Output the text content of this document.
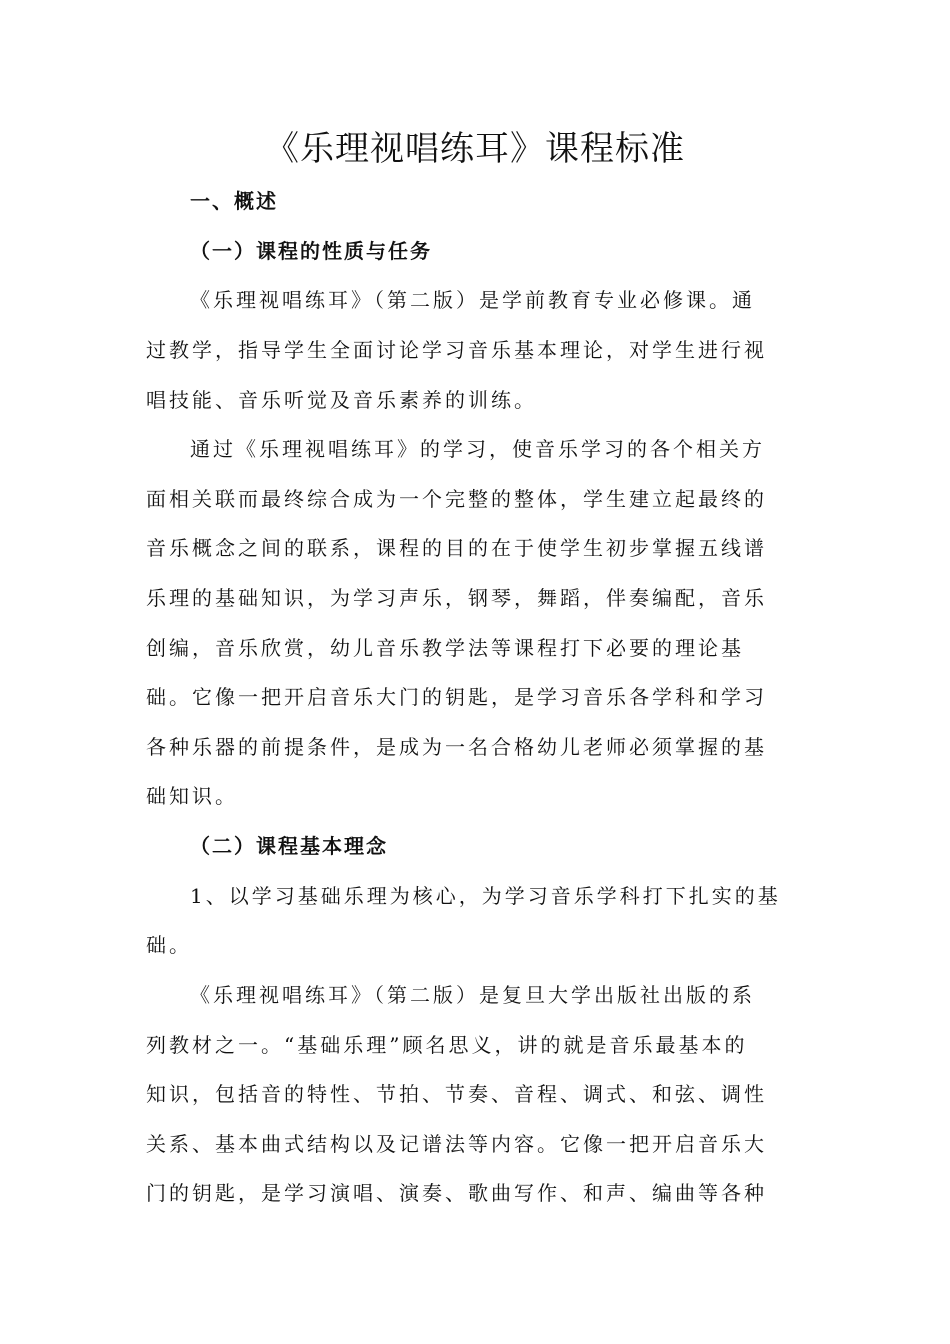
《乐理视唱练耳》课程标准
一、概述
（一）课程的性质与任务
《乐理视唱练耳》（第二版）是学前教育专业必修课。通
过教学，指导学生全面讨论学习音乐基本理论，对学生进行视
唱技能、音乐听觉及音乐素养的训练。
通过《乐理视唱练耳》的学习，使音乐学习的各个相关方
面相关联而最终综合成为一个完整的整体，学生建立起最终的
音乐概念之间的联系，课程的目的在于使学生初步掌握五线谱
乐理的基础知识，为学习声乐，钢琴，舞蹈，伴奏编配，音乐
创编，音乐欣赏，幼儿音乐教学法等课程打下必要的理论基
础。它像一把开启音乐大门的钥匙，是学习音乐各学科和学习
各种乐器的前提条件，是成为一名合格幼儿老师必须掌握的基
础知识。
（二）课程基本理念
1、以学习基础乐理为核心，为学习音乐学科打下扎实的基
础。
《乐理视唱练耳》（第二版）是复旦大学出版社出版的系
列教材之一。“基础乐理”顾名思义，讲的就是音乐最基本的
知识，包括音的特性、节拍、节奏、音程、调式、和弦、调性
关系、基本曲式结构以及记谱法等内容。它像一把开启音乐大
门的钥匙，是学习演唱、演奏、歌曲写作、和声、编曲等各种
